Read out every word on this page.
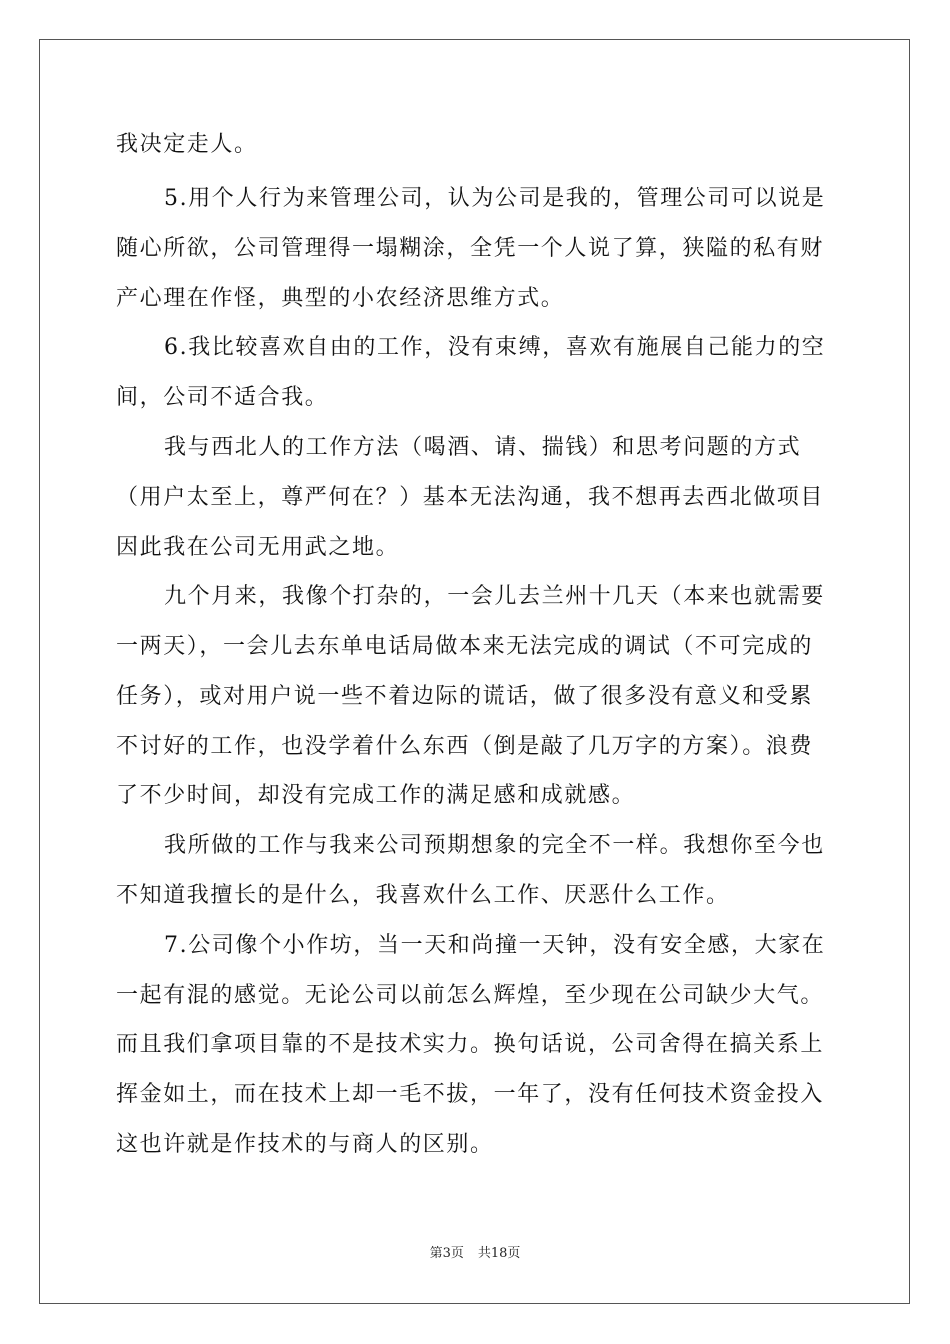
我决定走人。
5.用个人行为来管理公司，认为公司是我的，管理公司可以说是
随心所欲，公司管理得一塌糊涂，全凭一个人说了算，狭隘的私有财
产心理在作怪，典型的小农经济思维方式。
6.我比较喜欢自由的工作，没有束缚，喜欢有施展自己能力的空
间，公司不适合我。
我与西北人的工作方法（喝酒、请、揣钱）和思考问题的方式
（用户太至上，尊严何在？）基本无法沟通，我不想再去西北做项目
因此我在公司无用武之地。
九个月来，我像个打杂的，一会儿去兰州十几天（本来也就需要
一两天），一会儿去东单电话局做本来无法完成的调试（不可完成的
任务），或对用户说一些不着边际的谎话，做了很多没有意义和受累
不讨好的工作，也没学着什么东西（倒是敲了几万字的方案）。浪费
了不少时间，却没有完成工作的满足感和成就感。
我所做的工作与我来公司预期想象的完全不一样。我想你至今也
不知道我擅长的是什么，我喜欢什么工作、厌恶什么工作。
7.公司像个小作坊，当一天和尚撞一天钟，没有安全感，大家在
一起有混的感觉。无论公司以前怎么辉煌，至少现在公司缺少大气。
而且我们拿项目靠的不是技术实力。换句话说，公司舍得在搞关系上
挥金如土，而在技术上却一毛不拔，一年了，没有任何技术资金投入
这也许就是作技术的与商人的区别。
第3页 共18页
